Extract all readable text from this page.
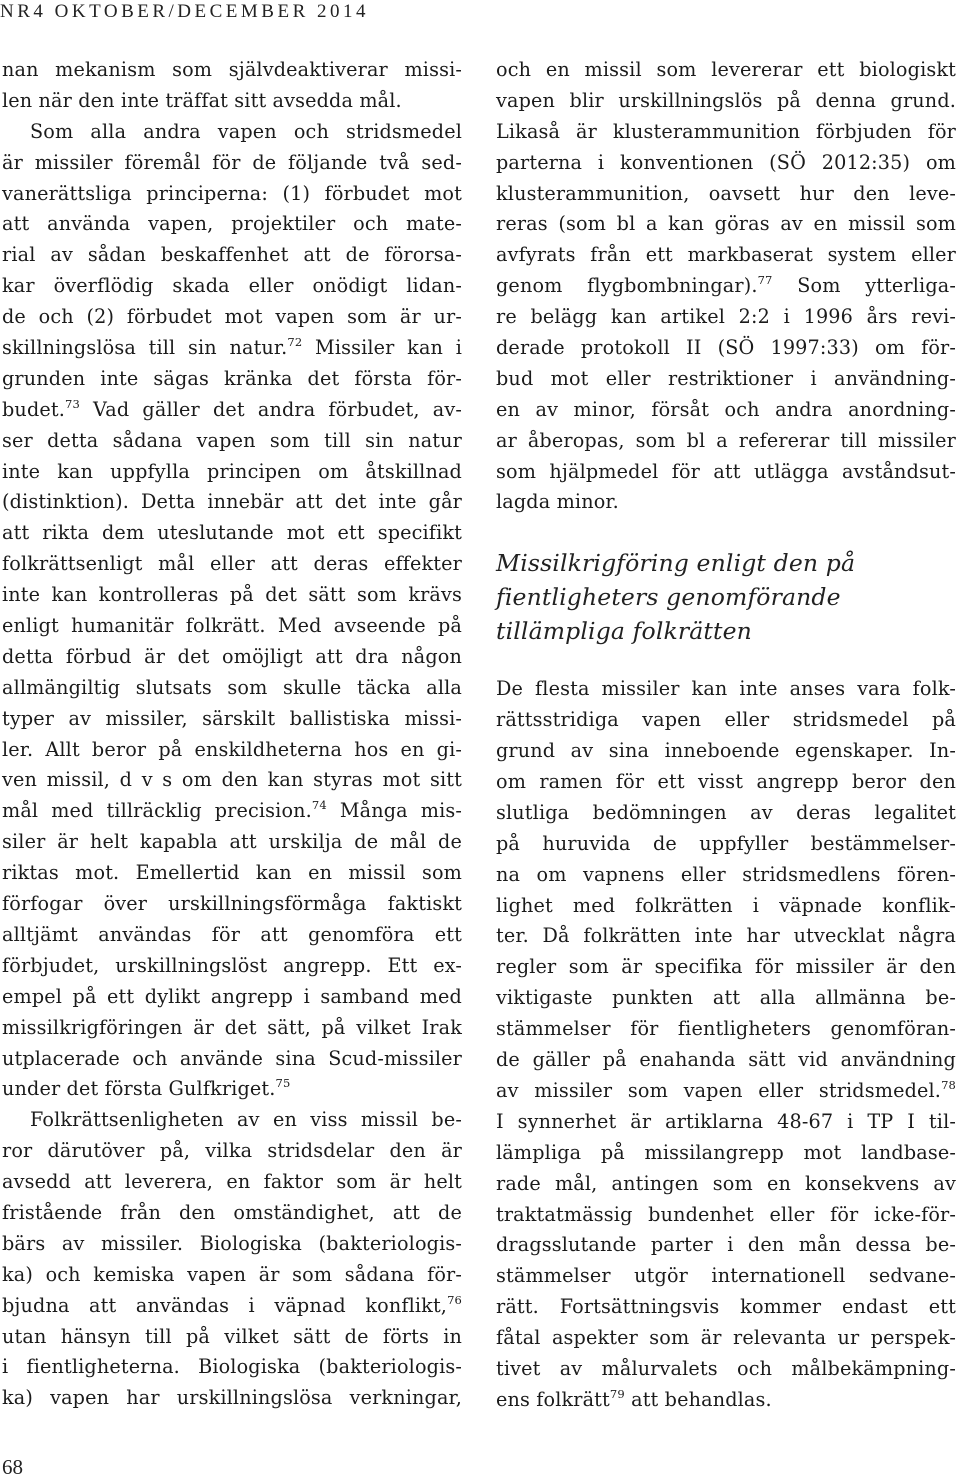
NR4 OKTOBER/DECEMBER 2014
nan mekanism som självdeaktiverar missi-
len när den inte träffat sitt avsedda mål.
Som alla andra vapen och stridsmedel
är missiler föremål för de följande två sed-
vanerättsliga principerna: (1) förbudet mot
att använda vapen, projektiler och mate-
rial av sådan beskaffenhet att de förorsa-
kar överflödig skada eller onödigt lidan-
de och (2) förbudet mot vapen som är ur-
skillningslösa till sin natur.$^{72}$ Missiler kan i
grunden inte sägas kränka det första för-
budet.$^{73}$ Vad gäller det andra förbudet, av-
ser detta sådana vapen som till sin natur
inte kan uppfylla principen om åtskillnad
(distinktion). Detta innebär att det inte går
att rikta dem uteslutande mot ett specifikt
folkrättsenligt mål eller att deras effekter
inte kan kontrolleras på det sätt som krävs
enligt humanitär folkrätt. Med avseende på
detta förbud är det omöjligt att dra någon
allmängiltig slutsats som skulle täcka alla
typer av missiler, särskilt ballistiska missi-
ler. Allt beror på enskildheterna hos en gi-
ven missil, d v s om den kan styras mot sitt
mål med tillräcklig precision.$^{74}$ Många mis-
siler är helt kapabla att urskilja de mål de
riktas mot. Emellertid kan en missil som
förfogar över urskillningsförmåga faktiskt
alltjämt användas för att genomföra ett
förbjudet, urskillningslöst angrepp. Ett ex-
empel på ett dylikt angrepp i samband med
missilkrigföringen är det sätt, på vilket Irak
utplacerade och använde sina Scud-missiler
under det första Gulfkriget.$^{75}$
Folkrättsenligheten av en viss missil be-
ror därutöver på, vilka stridsdelar den är
avsedd att leverera, en faktor som är helt
fristående från den omständighet, att de
bärs av missiler. Biologiska (bakteriologis-
ka) och kemiska vapen är som sådana för-
bjudna att användas i väpnad konflikt,$^{76}$
utan hänsyn till på vilket sätt de förts in
i fientligheterna. Biologiska (bakteriologis-
ka) vapen har urskillningslösa verkningar,
och en missil som levererar ett biologiskt
vapen blir urskillningslös på denna grund.
Likaså är klusterammunition förbjuden för
parterna i konventionen (SÖ 2012:35) om
klusterammunition, oavsett hur den leve-
reras (som bl a kan göras av en missil som
avfyrats från ett markbaserat system eller
genom flygbombningar).$^{77}$ Som ytterliga-
re belägg kan artikel 2:2 i 1996 års revi-
derade protokoll II (SÖ 1997:33) om för-
bud mot eller restriktioner i användning-
en av minor, försåt och andra anordning-
ar åberopas, som bl a refererar till missiler
som hjälpmedel för att utlägga avståndsut-
lagda minor.
Missilkrigföring enligt den på
fientligheters genomförande
tillämpliga folkrätten
De flesta missiler kan inte anses vara folk-
rättsstridiga vapen eller stridsmedel på
grund av sina inneboende egenskaper. In-
om ramen för ett visst angrepp beror den
slutliga bedömningen av deras legalitet
på huruvida de uppfyller bestämmelser-
na om vapnens eller stridsmedlens fören-
lighet med folkrätten i väpnade konflik-
ter. Då folkrätten inte har utvecklat några
regler som är specifika för missiler är den
viktigaste punkten att alla allmänna be-
stämmelser för fientligheters genomföran-
de gäller på enahanda sätt vid användning
av missiler som vapen eller stridsmedel.$^{78}$
I synnerhet är artiklarna 48-67 i TP I til-
lämpliga på missilangrepp mot landbase-
rade mål, antingen som en konsekvens av
traktatmässig bundenhet eller för icke-för-
dragsslutande parter i den mån dessa be-
stämmelser utgör internationell sedvane-
rätt. Fortsättningsvis kommer endast ett
fåtal aspekter som är relevanta ur perspek-
tivet av målurvalets och målbekämpning-
ens folkrätt$^{79}$ att behandlas.
68
